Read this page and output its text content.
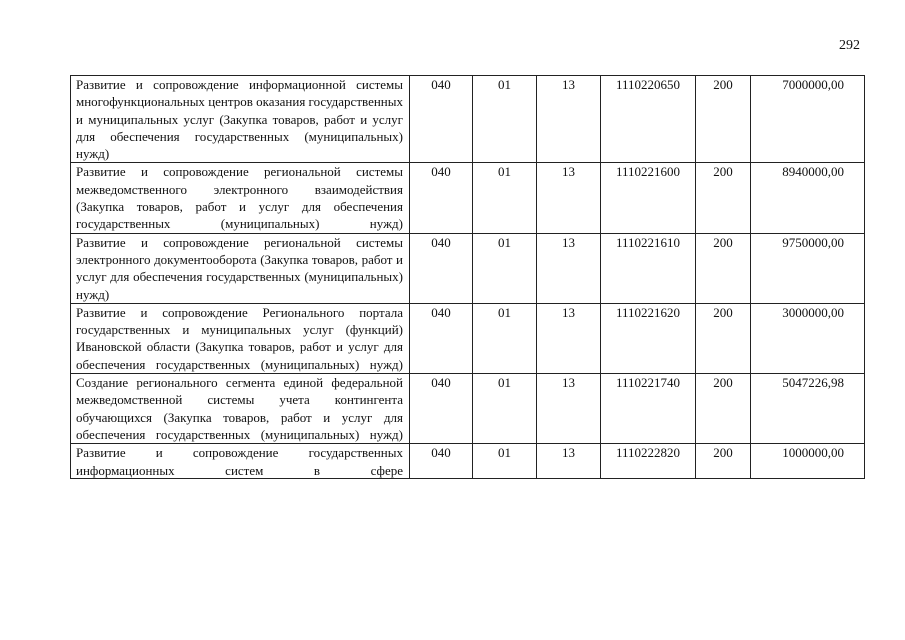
292
Развитие и сопровождение информационной системы многофункциональных центров оказания государственных и муниципальных услуг (Закупка товаров, работ и услуг для обеспечения государственных (муниципальных) нужд)	040	01	13	1110220650	200	7000000,00

Развитие и сопровождение региональной системы межведомственного электронного взаимодействия (Закупка товаров, работ и услуг для обеспечения государственных (муниципальных) нужд)	040	01	13	1110221600	200	8940000,00

Развитие и сопровождение региональной системы электронного документооборота (Закупка товаров, работ и услуг для обеспечения государственных (муниципальных) нужд)	040	01	13	1110221610	200	9750000,00

Развитие и сопровождение Регионального портала государственных и муниципальных услуг (функций) Ивановской области (Закупка товаров, работ и услуг для обеспечения государственных (муниципальных) нужд)	040	01	13	1110221620	200	3000000,00

Создание регионального сегмента единой федеральной межведомственной системы учета контингента обучающихся (Закупка товаров, работ и услуг для обеспечения государственных (муниципальных) нужд)	040	01	13	1110221740	200	5047226,98

Развитие и сопровождение государственных информационных систем в сфере	040	01	13	1110222820	200	1000000,00
